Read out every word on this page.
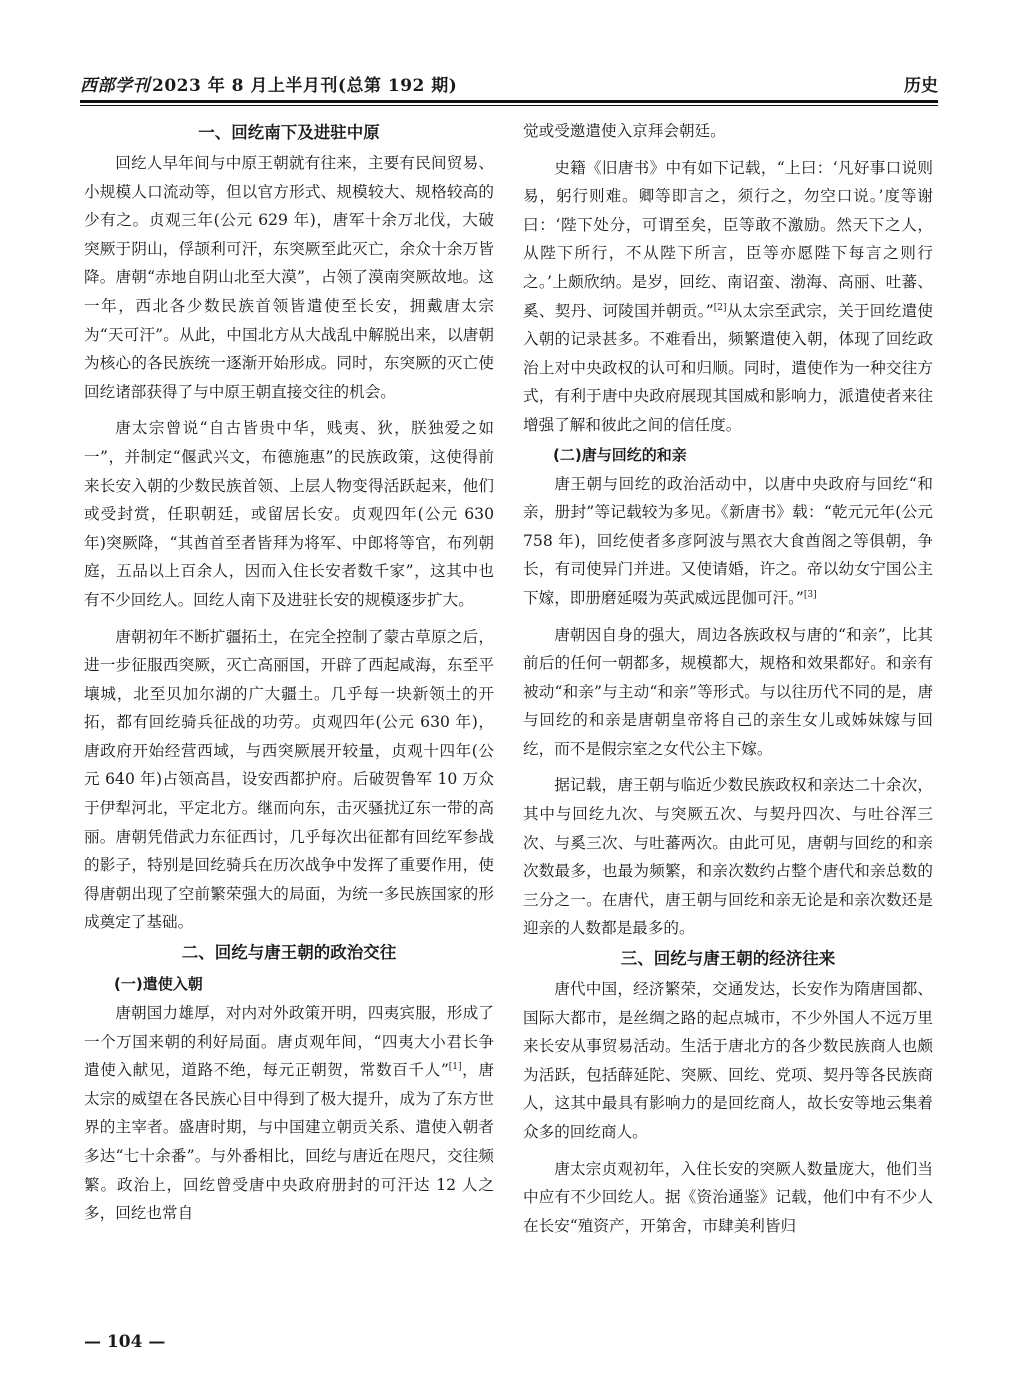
西部学刊 2023 年 8 月上半月刊(总第 192 期)	历史
一、回纥南下及进驻中原

回纥人早年间与中原王朝就有往来，主要有民间贸易、小规模人口流动等，但以官方形式、规模较大、规格较高的少有之。贞观三年(公元 629 年)，唐军十余万北伐，大破突厥于阴山，俘颉利可汗，东突厥至此灭亡，余众十余万皆降。唐朝“赤地自阴山北至大漠”，占领了漠南突厥故地。这一年，西北各少数民族首领皆遣使至长安，拥戴唐太宗为“天可汗”。从此，中国北方从大战乱中解脱出来，以唐朝为核心的各民族统一逐渐开始形成。同时，东突厥的灭亡使回纥诸部获得了与中原王朝直接交往的机会。

唐太宗曾说“自古皆贵中华，贱夷、狄，朕独爱之如一”，并制定“偃武兴文，布德施惠”的民族政策，这使得前来长安入朝的少数民族首领、上层人物变得活跃起来，他们或受封赏，任职朝廷，或留居长安。贞观四年(公元 630 年)突厥降，“其酋首至者皆拜为将军、中郎将等官，布列朝庭，五品以上百余人，因而入住长安者数千家”，这其中也有不少回纥人。回纥人南下及进驻长安的规模逐步扩大。

唐朝初年不断扩疆拓土，在完全控制了蒙古草原之后，进一步征服西突厥，灭亡高丽国，开辟了西起咸海，东至平壤城，北至贝加尔湖的广大疆土。几乎每一块新领土的开拓，都有回纥骑兵征战的功劳。贞观四年(公元 630 年)，唐政府开始经营西域，与西突厥展开较量，贞观十四年(公元 640 年)占领高昌，设安西都护府。后破贺鲁军 10 万众于伊犁河北，平定北方。继而向东，击灭骚扰辽东一带的高丽。唐朝凭借武力东征西讨，几乎每次出征都有回纥军参战的影子，特别是回纥骑兵在历次战争中发挥了重要作用，使得唐朝出现了空前繁荣强大的局面，为统一多民族国家的形成奠定了基础。

二、回纥与唐王朝的政治交往
(一)遣使入朝

唐朝国力雄厚，对内对外政策开明，四夷宾服，形成了一个万国来朝的利好局面。唐贞观年间，“四夷大小君长争遣使入献见，道路不绝，每元正朝贺，常数百千人”[1]，唐太宗的威望在各民族心目中得到了极大提升，成为了东方世界的主宰者。盛唐时期，与中国建立朝贡关系、遣使入朝者多达“七十余番”。与外番相比，回纥与唐近在咫尺，交往频繁。政治上，回纥曾受唐中央政府册封的可汗达 12 人之多，回纥也常自

觉或受邀遣使入京拜会朝廷。

史籍《旧唐书》中有如下记载，“上曰：‘凡好事口说则易，躬行则难。卿等即言之，须行之，勿空口说。’度等谢曰：‘陛下处分，可谓至矣，臣等敢不激励。然天下之人，从陛下所行，不从陛下所言，臣等亦愿陛下每言之则行之。’上颇欣纳。是岁，回纥、南诏蛮、渤海、高丽、吐蕃、奚、契丹、诃陵国并朝贡。”[2]从太宗至武宗，关于回纥遣使入朝的记录甚多。不难看出，频繁遣使入朝，体现了回纥政治上对中央政权的认可和归顺。同时，遣使作为一种交往方式，有利于唐中央政府展现其国威和影响力，派遣使者来往增强了解和彼此之间的信任度。

(二)唐与回纥的和亲

唐王朝与回纥的政治活动中，以唐中央政府与回纥“和亲，册封”等记载较为多见。《新唐书》载：“乾元元年(公元 758 年)，回纥使者多彦阿波与黑衣大食酋阁之等俱朝，争长，有司使异门并进。又使请婚，许之。帝以幼女宁国公主下嫁，即册磨延啜为英武威远毘伽可汗。”[3]

唐朝因自身的强大，周边各族政权与唐的“和亲”，比其前后的任何一朝都多，规模都大，规格和效果都好。和亲有被动“和亲”与主动“和亲”等形式。与以往历代不同的是，唐与回纥的和亲是唐朝皇帝将自己的亲生女儿或姊妹嫁与回纥，而不是假宗室之女代公主下嫁。

据记载，唐王朝与临近少数民族政权和亲达二十余次，其中与回纥九次、与突厥五次、与契丹四次、与吐谷浑三次、与奚三次、与吐蕃两次。由此可见，唐朝与回纥的和亲次数最多，也最为频繁，和亲次数约占整个唐代和亲总数的三分之一。在唐代，唐王朝与回纥和亲无论是和亲次数还是迎亲的人数都是最多的。

三、回纥与唐王朝的经济往来

唐代中国，经济繁荣，交通发达，长安作为隋唐国都、国际大都市，是丝绸之路的起点城市，不少外国人不远万里来长安从事贸易活动。生活于唐北方的各少数民族商人也颇为活跃，包括薛延陀、突厥、回纥、党项、契丹等各民族商人，这其中最具有影响力的是回纥商人，故长安等地云集着众多的回纥商人。

唐太宗贞观初年，入住长安的突厥人数量庞大，他们当中应有不少回纥人。据《资治通鉴》记载，他们中有不少人在长安“殖资产，开第舍，市肆美利皆归

— 104 —
